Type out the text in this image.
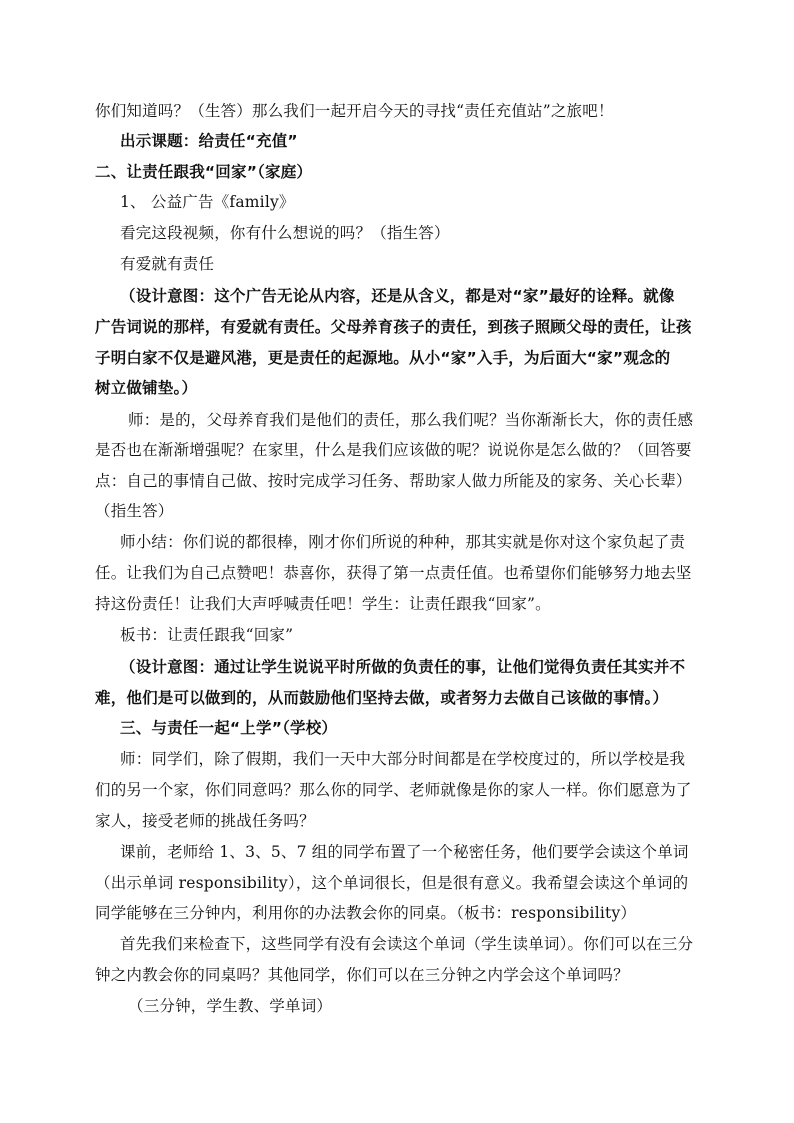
你们知道吗？（生答）那么我们一起开启今天的寻找“责任充值站”之旅吧！
出示课题：给责任“充值”
二、让责任跟我“回家”（家庭）
1、 公益广告《family》
看完这段视频，你有什么想说的吗？（指生答）
有爱就有责任
（设计意图：这个广告无论从内容，还是从含义，都是对“家”最好的诠释。就像
广告词说的那样，有爱就有责任。父母养育孩子的责任，到孩子照顾父母的责任，让孩
子明白家不仅是避风港，更是责任的起源地。从小“家”入手，为后面大“家”观念的
树立做铺垫。）
师：是的，父母养育我们是他们的责任，那么我们呢？当你渐渐长大，你的责任感
是否也在渐渐增强呢？在家里，什么是我们应该做的呢？说说你是怎么做的？（回答要
点：自己的事情自己做、按时完成学习任务、帮助家人做力所能及的家务、关心长辈）
（指生答）
师小结：你们说的都很棒，刚才你们所说的种种，那其实就是你对这个家负起了责
任。让我们为自己点赞吧！恭喜你，获得了第一点责任值。也希望你们能够努力地去坚
持这份责任！让我们大声呼喊责任吧！学生：让责任跟我“回家”。
板书：让责任跟我“回家”
（设计意图：通过让学生说说平时所做的负责任的事，让他们觉得负责任其实并不
难，他们是可以做到的，从而鼓励他们坚持去做，或者努力去做自己该做的事情。）
三、与责任一起“上学”（学校）
师：同学们，除了假期，我们一天中大部分时间都是在学校度过的，所以学校是我
们的另一个家，你们同意吗？那么你的同学、老师就像是你的家人一样。你们愿意为了
家人，接受老师的挑战任务吗？
课前，老师给 1、3、5、7 组的同学布置了一个秘密任务，他们要学会读这个单词
（出示单词 responsibility），这个单词很长，但是很有意义。我希望会读这个单词的
同学能够在三分钟内，利用你的办法教会你的同桌。（板书：responsibility）
首先我们来检查下，这些同学有没有会读这个单词（学生读单词）。你们可以在三分
钟之内教会你的同桌吗？其他同学，你们可以在三分钟之内学会这个单词吗？
（三分钟，学生教、学单词）
